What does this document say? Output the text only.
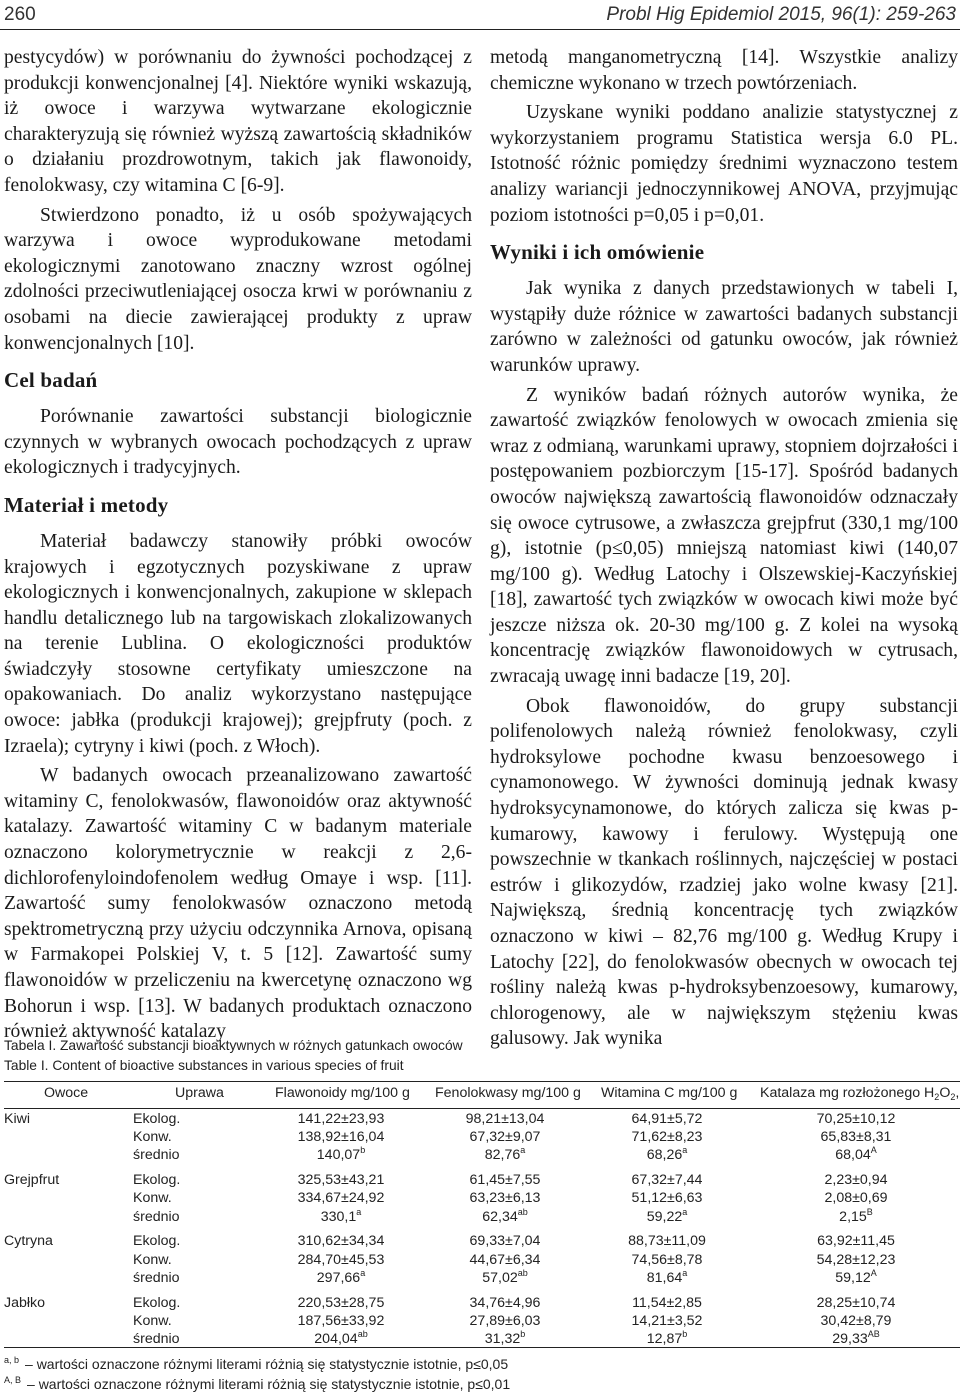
260	Probl Hig Epidemiol 2015, 96(1): 259-263

pestycydów) w porównaniu do żywności pochodzącej z produkcji konwencjonalnej [4]. Niektóre wyniki wskazują, iż owoce i warzywa wytwarzane ekologicznie charakteryzują się również wyższą zawartością składników o działaniu prozdrowotnym, takich jak flawonoidy, fenolokwasy, czy witamina C [6-9].

Stwierdzono ponadto, iż u osób spożywających warzywa i owoce wyprodukowane metodami ekologicznymi zanotowano znaczny wzrost ogólnej zdolności przeciwutleniającej osocza krwi w porównaniu z osobami na diecie zawierającej produkty z upraw konwencjonalnych [10].

Cel badań

Porównanie zawartości substancji biologicznie czynnych w wybranych owocach pochodzących z upraw ekologicznych i tradycyjnych.

Materiał i metody

Materiał badawczy stanowiły próbki owoców krajowych i egzotycznych pozyskiwane z upraw ekologicznych i konwencjonalnych, zakupione w sklepach handlu detalicznego lub na targowiskach zlokalizowanych na terenie Lublina. O ekologiczności produktów świadczyły stosowne certyfikaty umieszczone na opakowaniach. Do analiz wykorzystano następujące owoce: jabłka (produkcji krajowej); grejpfruty (poch. z Izraela); cytryny i kiwi (poch. z Włoch).

W badanych owocach przeanalizowano zawartość witaminy C, fenolokwasów, flawonoidów oraz aktywność katalazy. Zawartość witaminy C w badanym materiale oznaczono kolorymetrycznie w reakcji z 2,6-dichlorofenyloindofenolem według Omaye i wsp. [11]. Zawartość sumy fenolokwasów oznaczono metodą spektrometryczną przy użyciu odczynnika Arnova, opisaną w Farmakopei Polskiej V, t. 5 [12]. Zawartość sumy flawonoidów w przeliczeniu na kwercetynę oznaczono wg Bohorun i wsp. [13]. W badanych produktach oznaczono również aktywność katalazy

metodą manganometryczną [14]. Wszystkie analizy chemiczne wykonano w trzech powtórzeniach.

Uzyskane wyniki poddano analizie statystycznej z wykorzystaniem programu Statistica wersja 6.0 PL. Istotność różnic pomiędzy średnimi wyznaczono testem analizy wariancji jednoczynnikowej ANOVA, przyjmując poziom istotności p=0,05 i p=0,01.

Wyniki i ich omówienie

Jak wynika z danych przedstawionych w tabeli I, wystąpiły duże różnice w zawartości badanych substancji zarówno w zależności od gatunku owoców, jak również warunków uprawy.

Z wyników badań różnych autorów wynika, że zawartość związków fenolowych w owocach zmienia się wraz z odmianą, warunkami uprawy, stopniem dojrzałości i postępowaniem pozbiorczym [15-17]. Spośród badanych owoców największą zawartością flawonoidów odznaczały się owoce cytrusowe, a zwłaszcza grejpfrut (330,1 mg/100 g), istotnie (p≤0,05) mniejszą natomiast kiwi (140,07 mg/100 g). Według Latochy i Olszewskiej-Kaczyńskiej [18], zawartość tych związków w owocach kiwi może być jeszcze niższa ok. 20-30 mg/100 g. Z kolei na wysoką koncentrację związków flawonoidowych w cytrusach, zwracają uwagę inni badacze [19, 20].

Obok flawonoidów, do grupy substancji polifenolowych należą również fenolokwasy, czyli hydroksylowe pochodne kwasu benzoesowego i cynamonowego. W żywności dominują jednak kwasy hydroksycynamonowe, do których zalicza się kwas p-kumarowy, kawowy i ferulowy. Występują one powszechnie w tkankach roślinnych, najczęściej w postaci estrów i glikozydów, rzadziej jako wolne kwasy [21]. Największą, średnią koncentrację tych związków oznaczono w kiwi – 82,76 mg/100 g. Według Krupy i Latochy [22], do fenolokwasów obecnych w owocach tej rośliny należą kwas p-hydroksybenzoesowy, kumarowy, chlorogenowy, ale w największym stężeniu kwas galusowy. Jak wynika

Tabela I. Zawartość substancji bioaktywnych w różnych gatunkach owoców
Table I. Content of bioactive substances in various species of fruit
Owoce	Uprawa	Flawonoidy mg/100 g Fenolokwasy mg/100 g Witamina C mg/100 g Katalaza mg rozłożonego $H_2O_2$,
Kiwi	Ekolog.	141,22±23,93	98,21±13,04	64,91±5,72	70,25±10,12
Konw.	138,92±16,04	67,32±9,07	71,62±8,23	65,83±8,31
średnio	140,07$^b$	82,76$^a$	68,26$^a$	$68,04^A$
Grejpfrut	Ekolog.	325,53±43,21	61,45±7,55	67,32±7,44	2,23±0,94
Konw.	334,67±24,92	63,23±6,13	51,12±6,63	2,08±0,69
średnio	330,1$^a$	62,34$^{ab}$	59,22$^a$	$2,15^B$
Cytryna	Ekolog.	310,62±34,34	69,33±7,04	88,73±11,09	63,92±11,45
Konw.	284,70±45,53	44,67±6,34	74,56±8,78	54,28±12,23
średnio	297,66$^a$	57,02$^{ab}$	81,64$^a$	$59,12^A$
Jabłko	Ekolog.	220,53±28,75	34,76±4,96	11,54±2,85	28,25±10,74
Konw.	187,56±33,92	27,89±6,03	14,21±3,52	30,42±8,79
średnio	204,04$^{ab}$	31,32$^b$	12,87$^b$	$29,33^{AB}$
$^{a, b}$ – wartości oznaczone różnymi literami różnią się statystycznie istotnie, p≤0,05
$^{A, B}$ – wartości oznaczone różnymi literami różnią się statystycznie istotnie, p≤0,01
